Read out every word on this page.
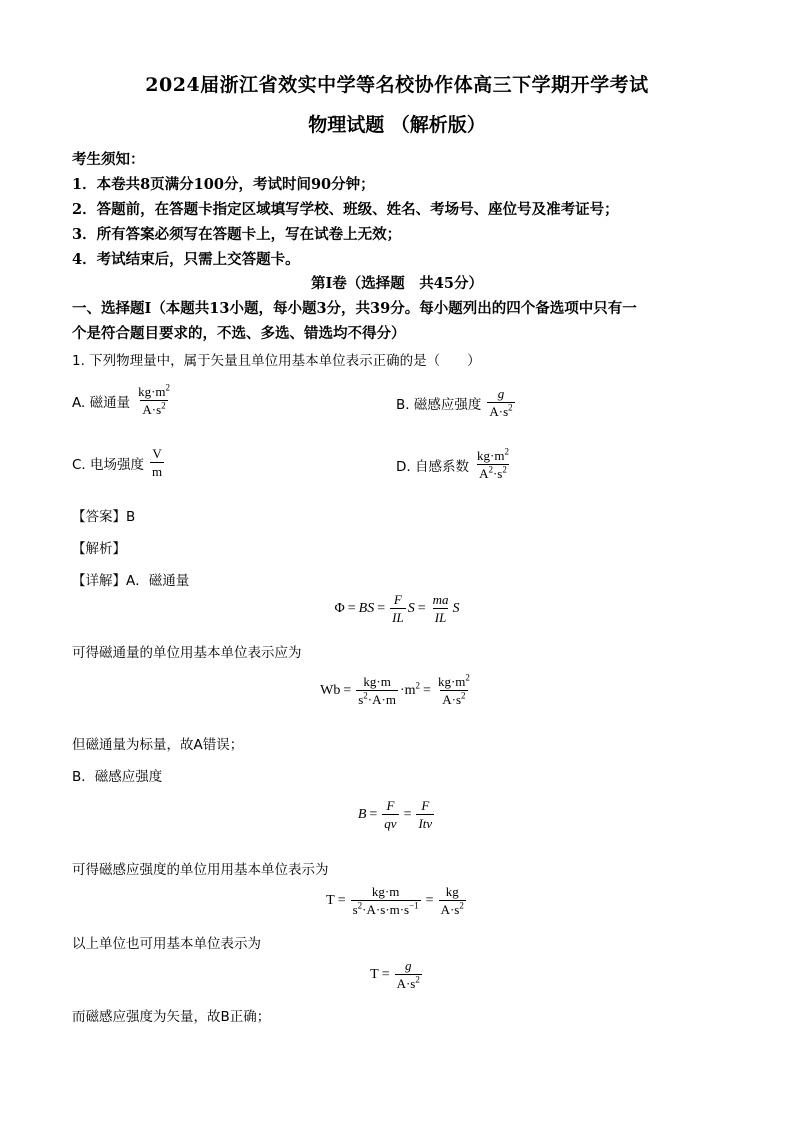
2024届浙江省效实中学等名校协作体高三下学期开学考试
物理试题 （解析版）
考生须知：
1．本卷共8页满分100分，考试时间90分钟；
2．答题前，在答题卡指定区域填写学校、班级、姓名、考场号、座位号及准考证号；
3．所有答案必须写在答题卡上，写在试卷上无效；
4．考试结束后，只需上交答题卡。
第Ⅰ卷（选择题　共45分）
一、选择题Ⅰ（本题共13小题，每小题3分，共39分。每小题列出的四个备选项中只有一
个是符合题目要求的，不选、多选、错选均不得分）
1. 下列物理量中，属于矢量且单位用基本单位表示正确的是（　　）
A. 磁通量 $\frac{kg\cdot m^2}{A\cdot s^2}$	B. 磁感应强度 $\frac{g}{A\cdot s^2}$
C. 电场强度 $\frac{V}{m}$	D. 自感系数 $\frac{kg\cdot m^2}{A^2\cdot s^2}$
【答案】B
【解析】
【详解】A．磁通量
Φ = BS = $\frac{F}{IL}$ $S = \frac{ma}{IL}$ S
可得磁通量的单位用基本单位表示应为
$Wb = \frac{kg\cdot m}{s^2\cdot A\cdot m} \cdot m^2 = \frac{kg\cdot m^2}{A\cdot s^2}$
但磁通量为标量，故A错误；
B．磁感应强度
$B = \frac{F}{qv} = \frac{F}{\text{Itv}}$
可得磁感应强度的单位用用基本单位表示为
$T = \frac{kg\cdot m}{s^2\cdot A\cdot s\cdot m\cdot s^{-1}} = \frac{kg}{A\cdot s^2}$
以上单位也可用基本单位表示为
$T = \frac{g}{A\cdot s^2}$
而磁感应强度为矢量，故B正确；
